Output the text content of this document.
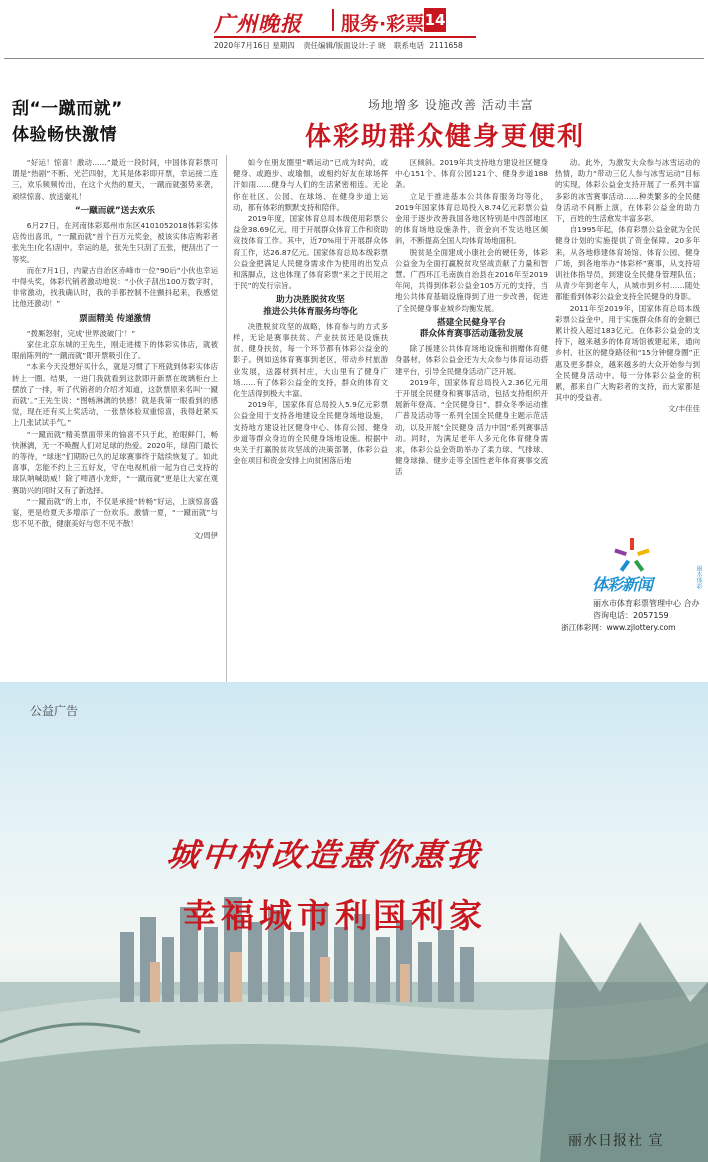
广州晚报 服务·彩票 14
2020年7月16日 星期四 责任编辑/版面设计:子 晓 联系电话 2111658
刮“一蹴而就”
体验畅快激情

“好运！惊喜！激动……”最近一段时间，中国体育彩票可谓是“热剧”不断、光芒四射，尤其是体彩即开票，幸运接二连三，欢乐频频传出，在这个火热的夏天，一蹴而就强势来袭，顽续惊喜、放送豪礼！

“一蹴而就”送去欢乐

6月27日，在河南体彩郑州市东区41010520​18体彩实体店传出喜讯，“一蹴而就”首个百万元奖金，被该实体店购彩者张先生(化名)刮中。幸运的是，张先生只刮了五张，便刮出了一等奖。

而在7月1日，内蒙古自治区赤峰市一位“90后”小伙也幸运中得头奖，体彩代销者激动地说：“小伙子刮出100万数字时，非常激动，找我确认时，我的手都控制不住颤抖起来，我感觉比他还激动！”

票面精美 传递激情

“拨厮怒射，完成‘世界波破门’！”

家住北京东城的王先生，刚走进楼下的体彩实体店，就被眼前陈列的“一蹴而就”即开票吸引住了。

“本来今天没想好买什么，就是习惯了下班就到体彩实体店转上一圈。结果，一进门我就看到这款即开新票在玻璃柜台上摆放了一排，听了代销者的介绍才知道，这款票原来名叫‘一蹴而就’。”王先生说：“图畅淋漓的快感！就是我第一眼看到的感觉，现在还有买上奖活动，一张票体验双重惊喜，我得赶紧买上几张试试手气。”

“一蹴而就”精美票面带来的愉喜不只于此，抢眼鲜门，畅快淋漓，无一不唤醒人们对足球的热爱。2020年，绿茵门最长的等待，“球迷”们期盼已久的足球赛事终于陆续恢复了。如此喜事，怎能不约上三五好友，守在电视机前一起为自己支持的球队呐喊助威！除了啤酒小龙虾，“一蹴而就”更是让大家在观赛助兴的同时又有了新选择。

“一蹴而就”的上市，不仅是承接“转畅”好运，上演惊喜盛宴，更是给夏天多增添了一份欢乐。激情一夏，“一蹴而就”与您不见不散，健康美好与您不见不散！

文/周伊

场地增多 设施改善 活动丰富
体彩助群众健身更便利

如今在朋友圈里“晒运动”已成为时尚，或健身、或跑步、或瑜伽，或相约好友在球场挥汗如雨……健身与人们的生活紧密相连。无论你在社区、公园、在球场、在健身步道上运动，都有体彩的默默支持和陪伴。

2019年度，国家体育总局本级使用彩票公益金38.69亿元，用于开展群众体育工作和资助竞技体育工作。其中，近70%用于开展群众体育工作，达26.87亿元。国家体育总局本级彩票公益金把满足人民健身需求作为使用的出发点和落脚点，这也体现了体育彩票“来之于民用之于民”的发行宗旨。

助力决胜脱贫攻坚
推进公共体育服务均等化

决胜脱贫攻坚的战略，体育参与的方式多样，无论是赛事扶贫、产业扶贫还是设施扶贫、健身扶贫，每一个环节都有体彩公益金的影子。例如送体育赛事到老区，带动乡村旅游业发展，送器材到村庄，大山里有了健身广场……有了体彩公益金的支持，群众的体育文化生活得到极大丰富。

2019年，国家体育总局投入5.9亿元彩票公益金用于支持各地建设全民健身场地设施，支持地方建设社区健身中心、体育公园、健身步道等群众身边的全民健身场地设施。根据中央关于打赢脱贫攻坚战的决策部署，体彩公益金在项目和资金安排上向贫困落后地

区倾斜。2019年共支持地方建设社区健身中心151个、体育公园121个、健身步道188条。

立足于推进基本公共体育服务均等化，2019年国家体育总局投入8.74亿元彩票公益金用于逐步改善我国各地区特别是中西部地区的体育场地设施条件，资金向不发达地区倾斜，不断提高全国人均体育场地面积。

脱贫是全面建成小康社会的硬任务，体彩公益金为全面打赢脱贫攻坚战贡献了力量和智慧。广西环江毛南族自治县在2016年至2019年间，共得到体彩公益金105万元的支持，当地公共体育基础设施得到了进一步改善，促进了全民健身事业城乡均衡发展。

搭建全民健身平台
群众体育赛事活动蓬勃发展

除了援建公共体育场地设施和捐赠体育健身器材，体彩公益金还为大众参与体育运动搭建平台，引导全民健身活动广泛开展。

2019年，国家体育总局投入2.36亿元用于开展全民健身和赛事活动，包括支持组织开展新年登高、“全民健身日”、群众冬季运动推广普及活动等一系列全国全民健身主题示范活动，以及开展“全民健身 活力中国”系列赛事活动。同时，为满足老年人多元化体育健身需求，体彩公益金资助举办了柔力球、气排球、健身球操、健步走等全国性老年体育赛事交流活

动。此外，为激发大众参与冰雪运动的热情，助力“带动三亿人参与冰雪运动”目标的实现，体彩公益金支持开展了一系列丰富多彩的冰雪赛事活动……种类繁多的全民健身活动不间断上演，在体彩公益金的助力下，百姓的生活愈发丰富多彩。

自1995年起，体育彩票公益金就为全民健身计划的实施提供了资金保障。20多年来，从各地修建体育场馆、体育公园、健身广场，到各地举办“体彩杯”赛事，从支持培训社体指导员，到建设全民健身管理队伍；从青少年到老年人，从城市到乡村……随处都能看到体彩公益金支持全民健身的身影。

2011年至2019年，国家体育总局本级彩票公益金中，用于实施群众体育的金额已累计投入超过183亿元。在体彩公益金的支持下，越来越多的体育场馆被建起来，通向乡村、社区的健身路径和“15分钟健身圈”正惠及更多群众，越来越多的大众开始参与到全民健身活动中。每一分体彩公益金的积累，都来自广大购彩者的支持，而大家都是其中的受益者。

文/丰佳佳

体彩新闻	丽水体彩
丽水市体育彩票管理中心 合办
咨询电话：2057159
浙江体彩网：www.zjlottery.com
公益广告
城中村改造惠你惠我
幸福城市利国利家
丽水日报社 宣
